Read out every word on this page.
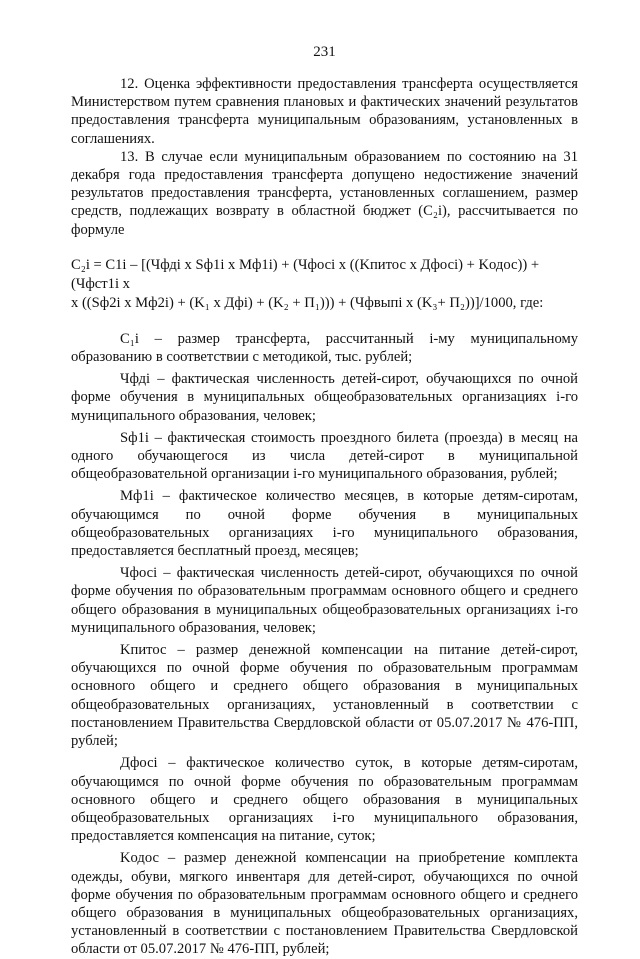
231

12. Оценка эффективности предоставления трансферта осуществляется Министерством путем сравнения плановых и фактических значений результатов предоставления трансферта муниципальным образованиям, установленных в соглашениях.

13. В случае если муниципальным образованием по состоянию на 31 декабря года предоставления трансферта допущено недостижение значений результатов предоставления трансферта, установленных соглашением, размер средств, подлежащих возврату в областной бюджет (C₂i), рассчитывается по формуле

C₂i = C1i – [(Чфдi x Sф1i x Mф1i) + (Чфосi x ((Kпитос x Дфосi) + Kодос)) + (Чфст1i x

x ((Sф2i x Mф2i) + (K₁ x Дфi) + (K₂ + П₁))) + (Чфвыпi x (K₃+ П₂))]/1000, где:

C₁i – размер трансферта, рассчитанный i-му муниципальному образованию в соответствии с методикой, тыс. рублей;

Чфдi – фактическая численность детей-сирот, обучающихся по очной форме обучения в муниципальных общеобразовательных организациях i-го муниципального образования, человек;

Sф1i – фактическая стоимость проездного билета (проезда) в месяц на одного обучающегося из числа детей-сирот в муниципальной общеобразовательной организации i-го муниципального образования, рублей;

Mф1i – фактическое количество месяцев, в которые детям-сиротам, обучающимся по очной форме обучения в муниципальных общеобразовательных организациях i-го муниципального образования, предоставляется бесплатный проезд, месяцев;

Чфосi – фактическая численность детей-сирот, обучающихся по очной форме обучения по образовательным программам основного общего и среднего общего образования в муниципальных общеобразовательных организациях i-го муниципального образования, человек;

Kпитос – размер денежной компенсации на питание детей-сирот, обучающихся по очной форме обучения по образовательным программам основного общего и среднего общего образования в муниципальных общеобразовательных организациях, установленный в соответствии с постановлением Правительства Свердловской области от 05.07.2017 № 476-ПП, рублей;

Дфосi – фактическое количество суток, в которые детям-сиротам, обучающимся по очной форме обучения по образовательным программам основного общего и среднего общего образования в муниципальных общеобразовательных организациях i-го муниципального образования, предоставляется компенсация на питание, суток;

Kодос – размер денежной компенсации на приобретение комплекта одежды, обуви, мягкого инвентаря для детей-сирот, обучающихся по очной форме обучения по образовательным программам основного общего и среднего общего образования в муниципальных общеобразовательных организациях, установленный в соответствии с постановлением Правительства Свердловской области от 05.07.2017 № 476-ПП, рублей;
